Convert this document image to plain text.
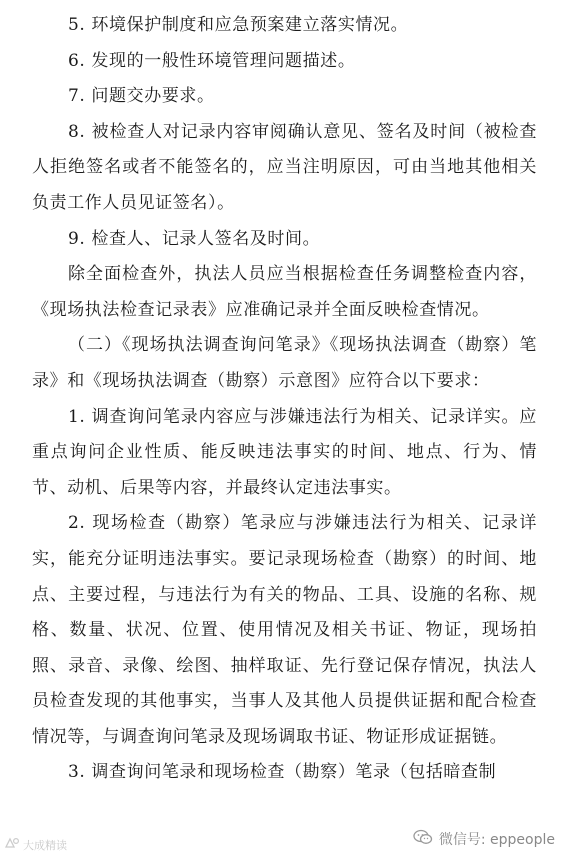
5. 环境保护制度和应急预案建立落实情况。

6. 发现的一般性环境管理问题描述。

7. 问题交办要求。

8. 被检查人对记录内容审阅确认意见、签名及时间（被检查人拒绝签名或者不能签名的，应当注明原因，可由当地其他相关负责工作人员见证签名）。

9. 检查人、记录人签名及时间。

除全面检查外，执法人员应当根据检查任务调整检查内容，《现场执法检查记录表》应准确记录并全面反映检查情况。

（二）《现场执法调查询问笔录》《现场执法调查（勘察）笔录》和《现场执法调查（勘察）示意图》应符合以下要求：

1. 调查询问笔录内容应与涉嫌违法行为相关、记录详实。应重点询问企业性质、能反映违法事实的时间、地点、行为、情节、动机、后果等内容，并最终认定违法事实。

2. 现场检查（勘察）笔录应与涉嫌违法行为相关、记录详实，能充分证明违法事实。要记录现场检查（勘察）的时间、地点、主要过程，与违法行为有关的物品、工具、设施的名称、规格、数量、状况、位置、使用情况及相关书证、物证，现场拍照、录音、录像、绘图、抽样取证、先行登记保存情况，执法人员检查发现的其他事实，当事人及其他人员提供证据和配合检查情况等，与调查询问笔录及现场调取书证、物证形成证据链。

3. 调查询问笔录和现场检查（勘察）笔录（包括暗查制

大成精读	微信号: eppeople
